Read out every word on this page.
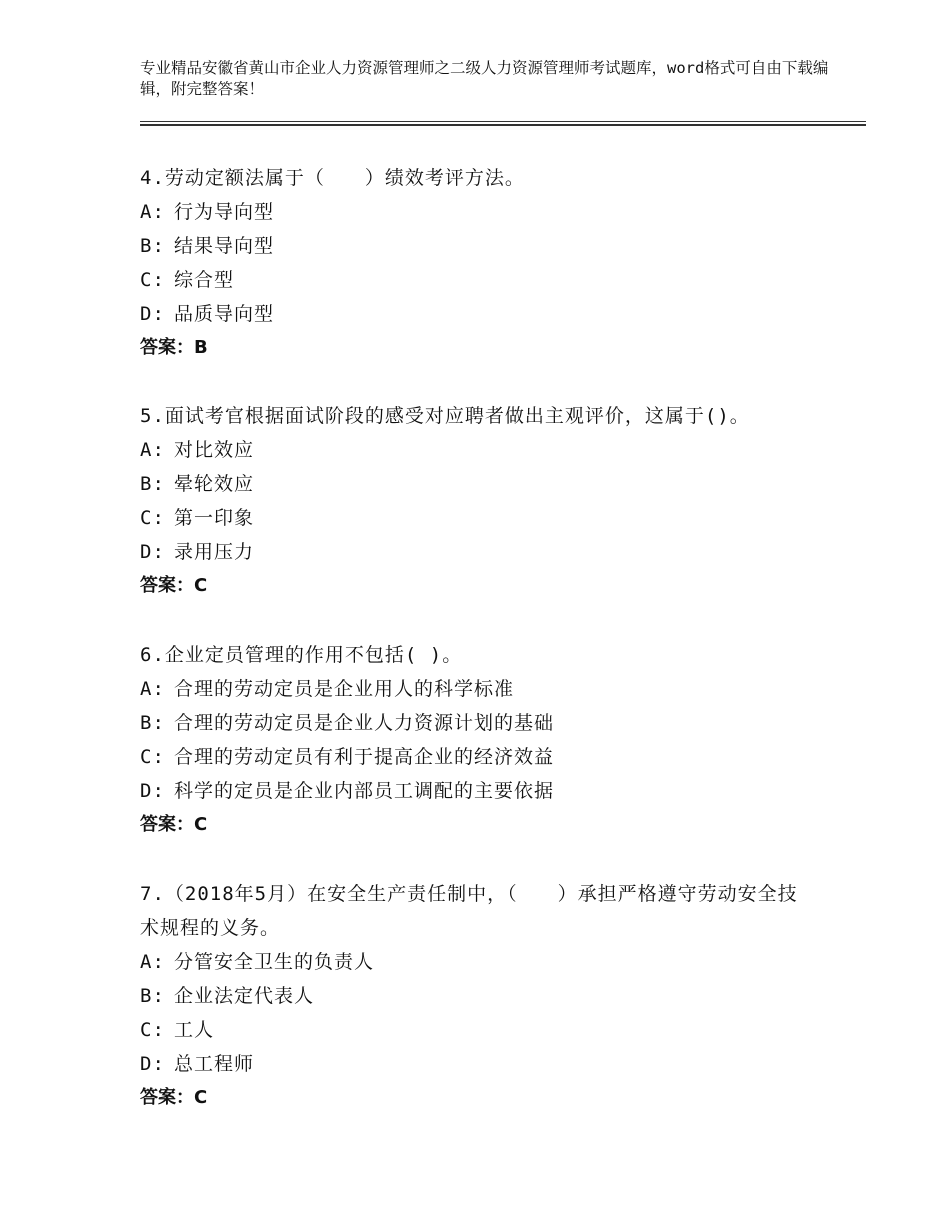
专业精品安徽省黄山市企业人力资源管理师之二级人力资源管理师考试题库，word格式可自由下载编辑，附完整答案！

4.劳动定额法属于（　　）绩效考评方法。

A: 行为导向型

B: 结果导向型

C: 综合型

D: 品质导向型

答案：B

5.面试考官根据面试阶段的感受对应聘者做出主观评价，这属于()。

A: 对比效应

B: 晕轮效应

C: 第一印象

D: 录用压力

答案：C

6.企业定员管理的作用不包括( )。

A: 合理的劳动定员是企业用人的科学标准

B: 合理的劳动定员是企业人力资源计划的基础

C: 合理的劳动定员有利于提高企业的经济效益

D: 科学的定员是企业内部员工调配的主要依据

答案：C

7.（2018年5月）在安全生产责任制中，（　　）承担严格遵守劳动安全技术规程的义务。

A: 分管安全卫生的负责人

B: 企业法定代表人

C: 工人

D: 总工程师

答案：C
